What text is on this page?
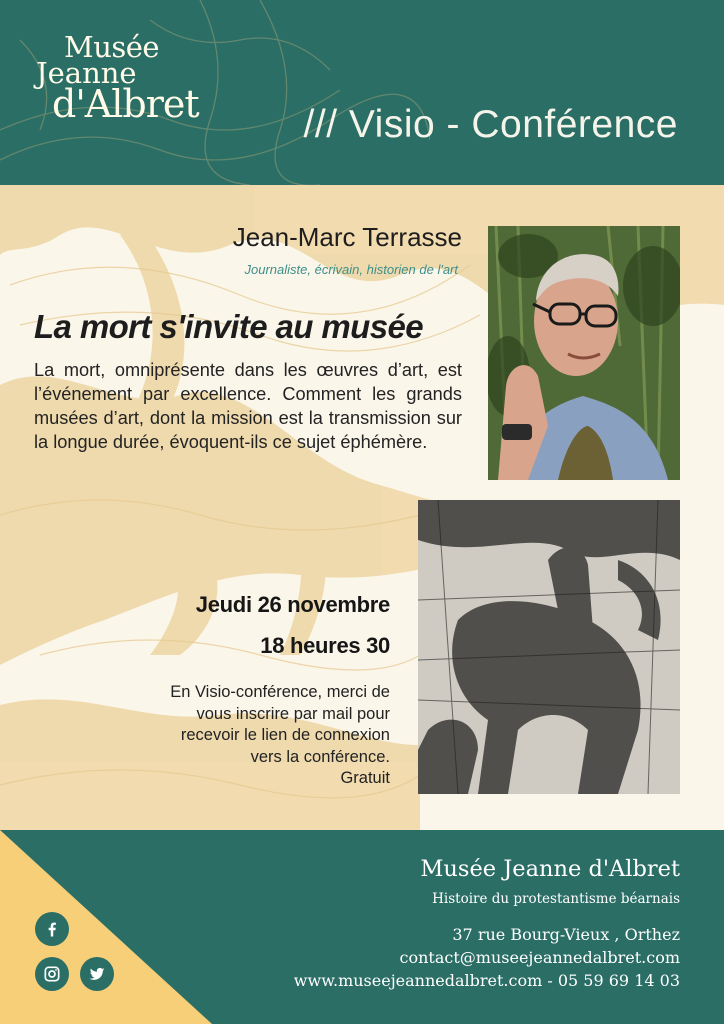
Musée
Jeanne
d'Albret	/// Visio - Conférence
Jean-Marc Terrasse
Journaliste, écrivain, historien de l'art
La mort s'invite au musée
La mort, omniprésente dans les œuvres d’art, est l’événement par excellence. Comment les grands musées d’art, dont la mission est la transmission sur la longue durée, évoquent-ils ce sujet éphémère.
Jeudi 26 novembre
18 heures 30
En Visio-conférence, merci de
vous inscrire par mail pour
recevoir le lien de connexion
vers la conférence.
Gratuit
Musée Jeanne d'Albret
Histoire du protestantisme béarnais
37 rue Bourg-Vieux , Orthez
contact@museejeannedalbret.com
www.museejeannedalbret.com - 05 59 69 14 03
